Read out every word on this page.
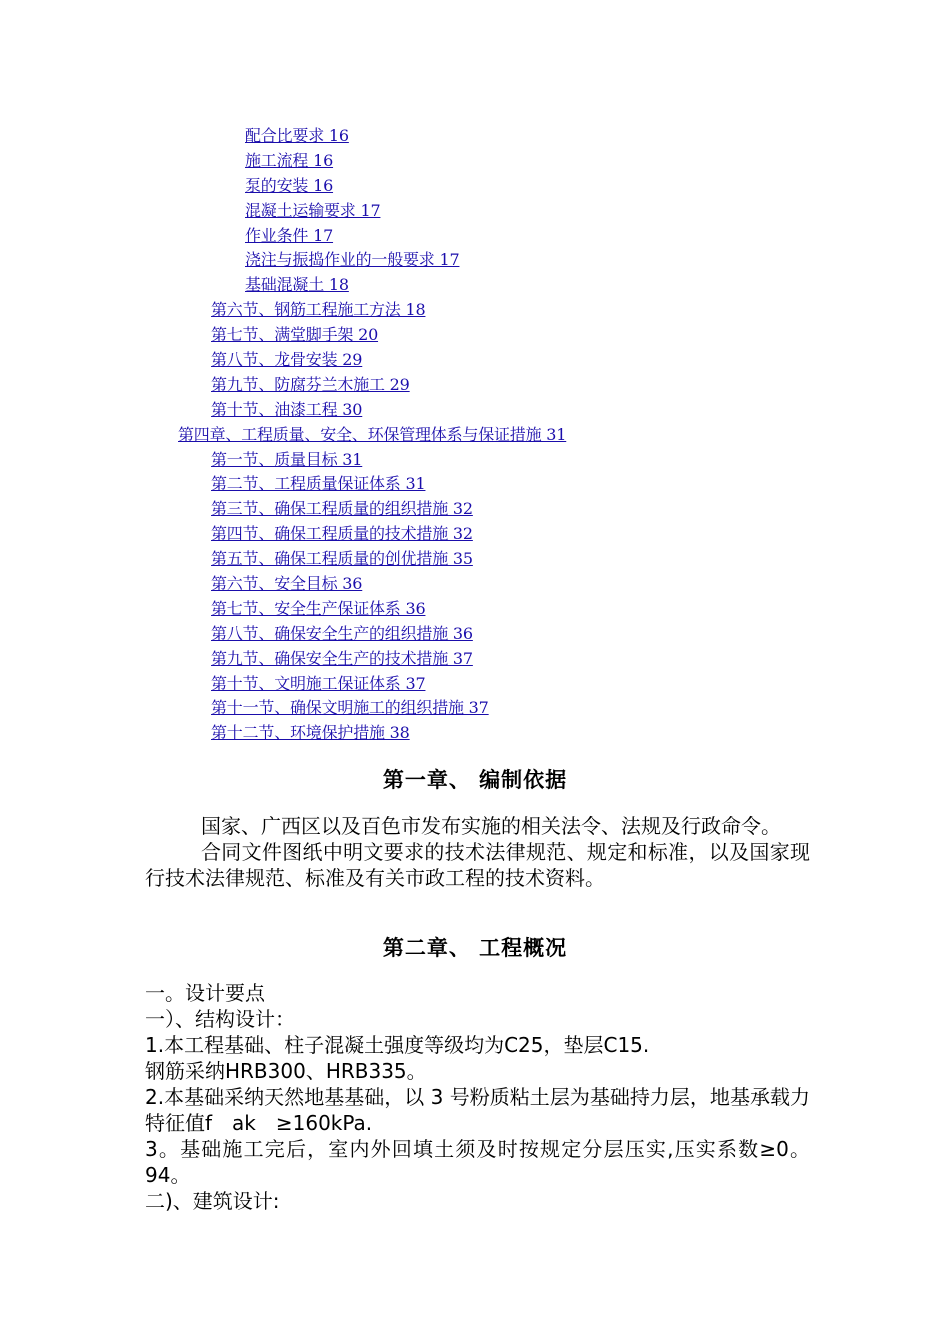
配合比要求 16
施工流程 16
泵的安装 16
混凝土运输要求 17
作业条件 17
浇注与振捣作业的一般要求 17
基础混凝土 18
第六节、钢筋工程施工方法 18
第七节、满堂脚手架 20
第八节、龙骨安装 29
第九节、防腐芬兰木施工 29
第十节、油漆工程 30
第四章、工程质量、安全、环保管理体系与保证措施 31
第一节、质量目标 31
第二节、工程质量保证体系 31
第三节、确保工程质量的组织措施 32
第四节、确保工程质量的技术措施 32
第五节、确保工程质量的创优措施 35
第六节、安全目标 36
第七节、安全生产保证体系 36
第八节、确保安全生产的组织措施 36
第九节、确保安全生产的技术措施 37
第十节、文明施工保证体系 37
第十一节、确保文明施工的组织措施 37
第十二节、环境保护措施 38
第一章、 编制依据

国家、广西区以及百色市发布实施的相关法令、法规及行政命令。

合同文件图纸中明文要求的技术法律规范、规定和标准，以及国家现行技术法律规范、标准及有关市政工程的技术资料。

第二章、 工程概况

一。设计要点

一）、结构设计：

1.本工程基础、柱子混凝土强度等级均为C25，垫层C15.

钢筋采纳HRB300、HRB335。

2.本基础采纳天然地基基础，以 3 号粉质粘土层为基础持力层，地基承载力特征值f　ak　≥160kPa.

3。基础施工完后，室内外回填土须及时按规定分层压实,压实系数≥0。94。

二)、建筑设计:
